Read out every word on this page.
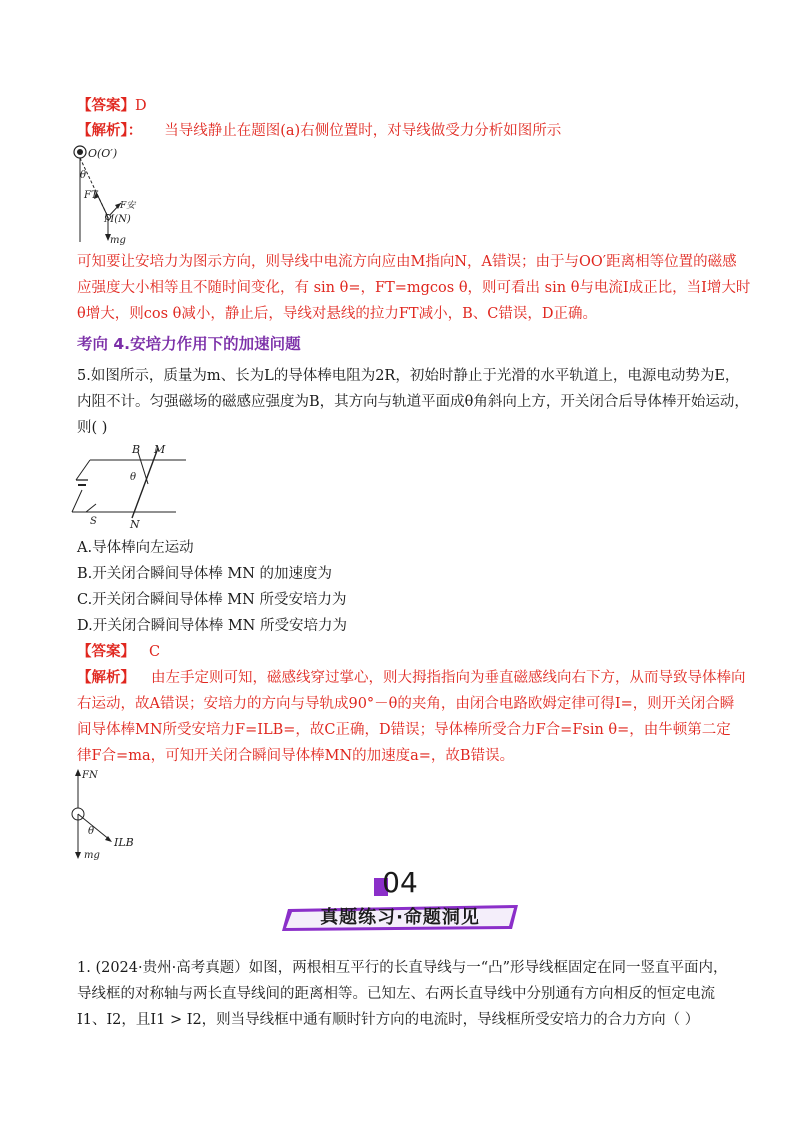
【答案】D
【解析】： 当导线静止在题图(a)右侧位置时，对导线做受力分析如图所示
O(O′)
θ
FT
F安
M(N)
mg
可知要让安培力为图示方向，则导线中电流方向应由M指向N，A错误；由于与OO′距离相等位置的磁感
应强度大小相等且不随时间变化，有 sin θ=，FT=mgcos θ，则可看出 sin θ与电流I成正比，当I增大时
θ增大，则cos θ减小，静止后，导线对悬线的拉力FT减小，B、C错误，D正确。
考向 4.安培力作用下的加速问题
5.如图所示，质量为m、长为L的导体棒电阻为2R，初始时静止于光滑的水平轨道上，电源电动势为E，
内阻不计。匀强磁场的磁感应强度为B，其方向与轨道平面成θ角斜向上方，开关闭合后导体棒开始运动，
则( )
B M
θ
S	N
A.导体棒向左运动
B.开关闭合瞬间导体棒 MN 的加速度为
C.开关闭合瞬间导体棒 MN 所受安培力为
D.开关闭合瞬间导体棒 MN 所受安培力为
【答案】 C
【解析】 由左手定则可知，磁感线穿过掌心，则大拇指指向为垂直磁感线向右下方，从而导致导体棒向
右运动，故A错误；安培力的方向与导轨成90°－θ的夹角，由闭合电路欧姆定律可得I=，则开关闭合瞬
间导体棒MN所受安培力F=ILB=，故C正确，D错误；导体棒所受合力F合=Fsin θ=，由牛顿第二定
律F合=ma，可知开关闭合瞬间导体棒MN的加速度a=，故B错误。
FN
mg
θ
ILB
04
真题练习·命题洞见
1. (2024·贵州·高考真题）如图，两根相互平行的长直导线与一“凸”形导线框固定在同一竖直平面内，
导线框的对称轴与两长直导线间的距离相等。已知左、右两长直导线中分别通有方向相反的恒定电流
I1、I2，且I1 > I2，则当导线框中通有顺时针方向的电流时，导线框所受安培力的合力方向（ ）
